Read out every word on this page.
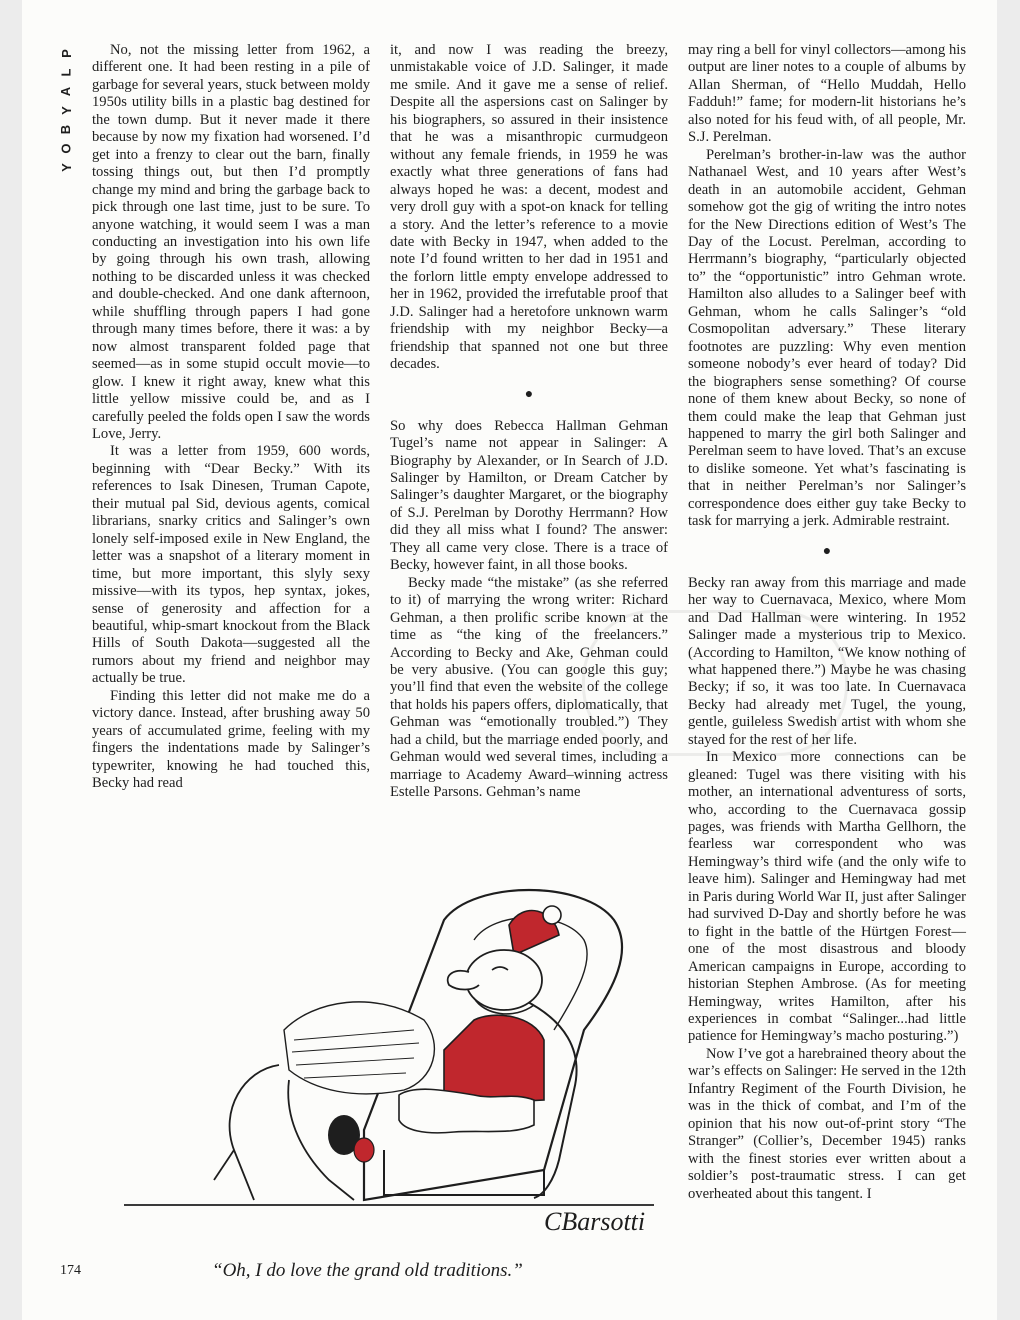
P
L
A
Y
B
O
Y

No, not the missing letter from 1962, a different one. It had been resting in a pile of garbage for several years, stuck between moldy 1950s utility bills in a plastic bag destined for the town dump. But it never made it there because by now my fixation had worsened. I’d get into a frenzy to clear out the barn, finally tossing things out, but then I’d promptly change my mind and bring the garbage back to pick through one last time, just to be sure. To anyone watching, it would seem I was a man conducting an investigation into his own life by going through his own trash, allowing nothing to be discarded unless it was checked and double-checked. And one dank afternoon, while shuffling through papers I had gone through many times before, there it was: a by now almost transparent folded page that seemed—as in some stupid occult movie—to glow. I knew it right away, knew what this little yellow missive could be, and as I carefully peeled the folds open I saw the words Love, Jerry.

It was a letter from 1959, 600 words, beginning with “Dear Becky.” With its references to Isak Dinesen, Truman Capote, their mutual pal Sid, devious agents, comical librarians, snarky critics and Salinger’s own lonely self-imposed exile in New England, the letter was a snapshot of a literary moment in time, but more important, this slyly sexy missive—with its typos, hep syntax, jokes, sense of generosity and affection for a beautiful, whip-smart knockout from the Black Hills of South Dakota—suggested all the rumors about my friend and neighbor may actually be true.

Finding this letter did not make me do a victory dance. Instead, after brushing away 50 years of accumulated grime, feeling with my fingers the indentations made by Salinger’s typewriter, knowing he had touched this, Becky had read

it, and now I was reading the breezy, unmistakable voice of J.D. Salinger, it made me smile. And it gave me a sense of relief. Despite all the aspersions cast on Salinger by his biographers, so assured in their insistence that he was a misanthropic curmudgeon without any female friends, in 1959 he was exactly what three generations of fans had always hoped he was: a decent, modest and very droll guy with a spot-on knack for telling a story. And the letter’s reference to a movie date with Becky in 1947, when added to the note I’d found written to her dad in 1951 and the forlorn little empty envelope addressed to her in 1962, provided the irrefutable proof that J.D. Salinger had a heretofore unknown warm friendship with my neighbor Becky—a friendship that spanned not one but three decades.

●

So why does Rebecca Hallman Gehman Tugel’s name not appear in Salinger: A Biography by Alexander, or In Search of J.D. Salinger by Hamilton, or Dream Catcher by Salinger’s daughter Margaret, or the biography of S.J. Perelman by Dorothy Herrmann? How did they all miss what I found? The answer: They all came very close. There is a trace of Becky, however faint, in all those books.

Becky made “the mistake” (as she referred to it) of marrying the wrong writer: Richard Gehman, a then prolific scribe known at the time as “the king of the freelancers.” According to Becky and Ake, Gehman could be very abusive. (You can google this guy; you’ll find that even the website of the college that holds his papers offers, diplomatically, that Gehman was “emotionally troubled.”) They had a child, but the marriage ended poorly, and Gehman would wed several times, including a marriage to Academy Award–winning actress Estelle Parsons. Gehman’s name

may ring a bell for vinyl collectors—among his output are liner notes to a couple of albums by Allan Sherman, of “Hello Muddah, Hello Fadduh!” fame; for modern-lit historians he’s also noted for his feud with, of all people, Mr. S.J. Perelman.

Perelman’s brother-in-law was the author Nathanael West, and 10 years after West’s death in an automobile accident, Gehman somehow got the gig of writing the intro notes for the New Directions edition of West’s The Day of the Locust. Perelman, according to Herrmann’s biography, “particularly objected to” the “opportunistic” intro Gehman wrote. Hamilton also alludes to a Salinger beef with Gehman, whom he calls Salinger’s “old Cosmopolitan adversary.” These literary footnotes are puzzling: Why even mention someone nobody’s ever heard of today? Did the biographers sense something? Of course none of them knew about Becky, so none of them could make the leap that Gehman just happened to marry the girl both Salinger and Perelman seem to have loved. That’s an excuse to dislike someone. Yet what’s fascinating is that in neither Perelman’s nor Salinger’s correspondence does either guy take Becky to task for marrying a jerk. Admirable restraint.

●

Becky ran away from this marriage and made her way to Cuernavaca, Mexico, where Mom and Dad Hallman were wintering. In 1952 Salinger made a mysterious trip to Mexico. (According to Hamilton, “We know nothing of what happened there.”) Maybe he was chasing Becky; if so, it was too late. In Cuernavaca Becky had already met Tugel, the young, gentle, guileless Swedish artist with whom she stayed for the rest of her life.

In Mexico more connections can be gleaned: Tugel was there visiting with his mother, an international adventuress of sorts, who, according to the Cuernavaca gossip pages, was friends with Martha Gellhorn, the fearless war correspondent who was Hemingway’s third wife (and the only wife to leave him). Salinger and Hemingway had met in Paris during World War II, just after Salinger had survived D-Day and shortly before he was to fight in the battle of the Hürtgen Forest—one of the most disastrous and bloody American campaigns in Europe, according to historian Stephen Ambrose. (As for meeting Hemingway, writes Hamilton, after his experiences in combat “Salinger...had little patience for Hemingway’s macho posturing.”)

Now I’ve got a harebrained theory about the war’s effects on Salinger: He served in the 12th Infantry Regiment of the Fourth Division, he was in the thick of combat, and I’m of the opinion that his now out-of-print story “The Stranger” (Collier’s, December 1945) ranks with the finest stories ever written about a soldier’s post-traumatic stress. I can get overheated about this tangent. I

CBarsotti
“Oh, I do love the grand old traditions.”
174
